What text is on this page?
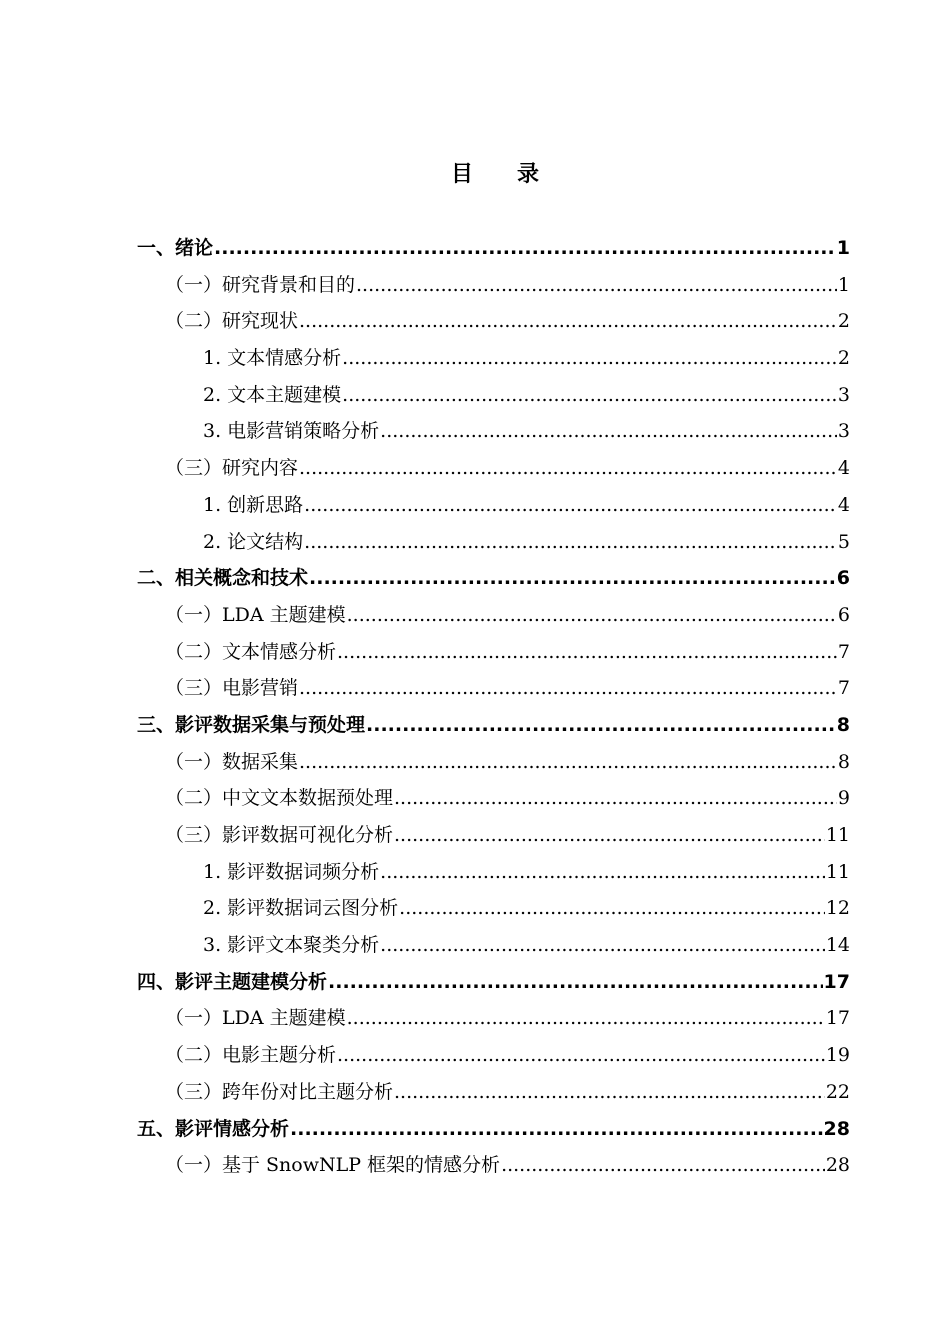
目 录
一、绪论 .....	1
（一）研究背景和目的 .....	1
（二）研究现状 .....	2
1. 文本情感分析 .....	2
2. 文本主题建模 .....	3
3. 电影营销策略分析 .....	3
（三）研究内容 .....	4
1. 创新思路 .....	4
2. 论文结构 .....	5
二、相关概念和技术 .....	6
（一）LDA 主题建模 .....	6
（二）文本情感分析 .....	7
（三）电影营销 .....	7
三、影评数据采集与预处理 .....	8
（一）数据采集 .....	8
（二）中文文本数据预处理 .....	9
（三）影评数据可视化分析 .....	11
1. 影评数据词频分析 .....	11
2. 影评数据词云图分析 .....	12
3. 影评文本聚类分析 .....	14
四、影评主题建模分析 .....	17
（一）LDA 主题建模 .....	17
（二）电影主题分析 .....	19
（三）跨年份对比主题分析 .....	22
五、影评情感分析 .....	28
（一）基于 SnowNLP 框架的情感分析 .....	28
